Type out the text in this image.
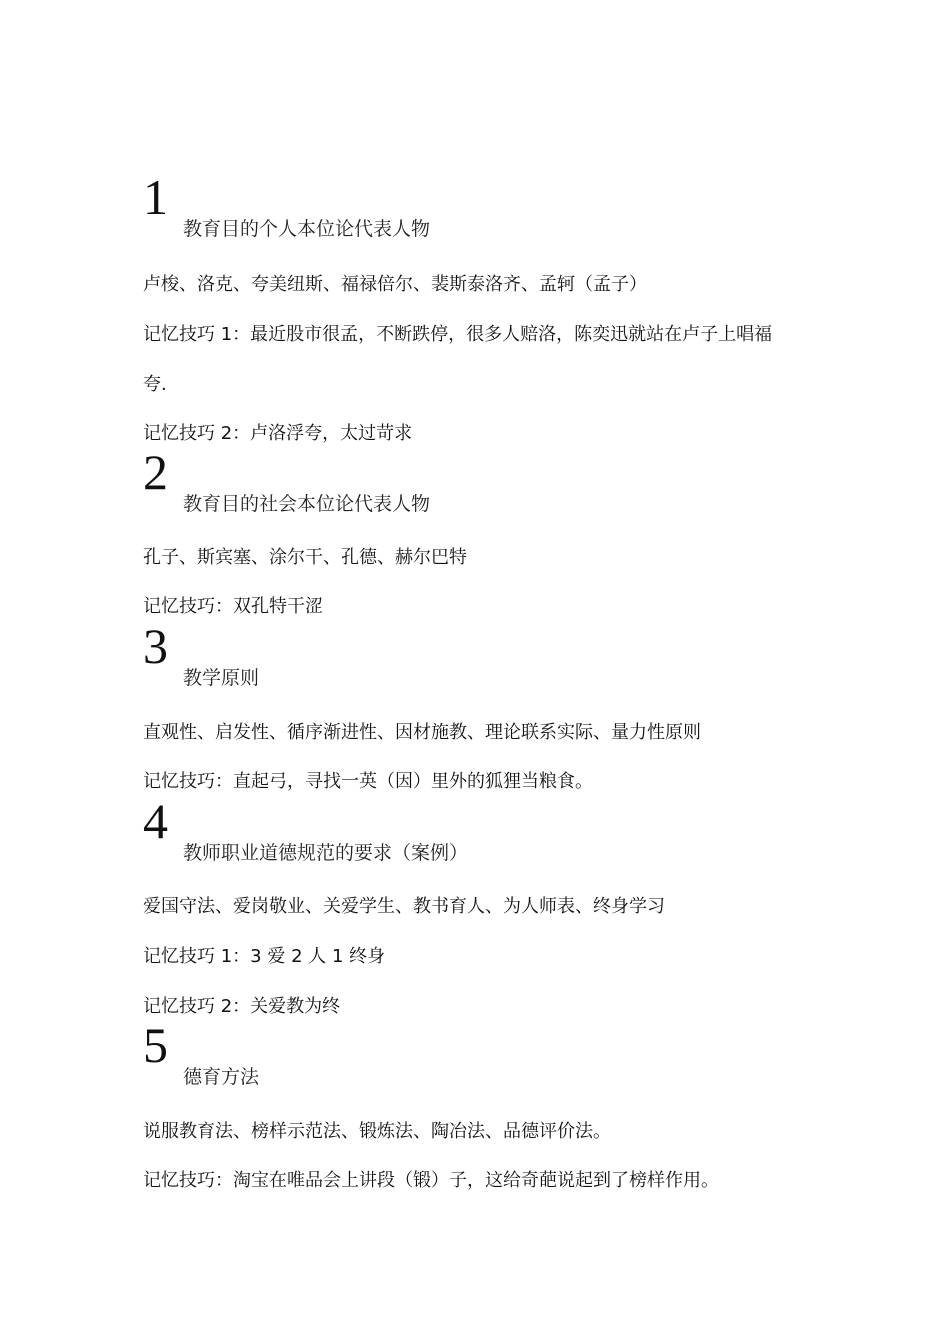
1
教育目的个人本位论代表人物
卢梭、洛克、夸美纽斯、福禄倍尔、裴斯泰洛齐、孟轲（孟子）
记忆技巧 1：最近股市很孟，不断跌停，很多人赔洛，陈奕迅就站在卢子上唱福
夸.
记忆技巧 2：卢洛浮夸，太过苛求
2
教育目的社会本位论代表人物
孔子、斯宾塞、涂尔干、孔德、赫尔巴特
记忆技巧：双孔特干涩
3
教学原则
直观性、启发性、循序渐进性、因材施教、理论联系实际、量力性原则
记忆技巧：直起弓，寻找一英（因）里外的狐狸当粮食。
4
教师职业道德规范的要求（案例）
爱国守法、爱岗敬业、关爱学生、教书育人、为人师表、终身学习
记忆技巧 1：3 爱 2 人 1 终身
记忆技巧 2：关爱教为终
5
德育方法
说服教育法、榜样示范法、锻炼法、陶冶法、品德评价法。
记忆技巧：淘宝在唯品会上讲段（锻）子，这给奇葩说起到了榜样作用。
